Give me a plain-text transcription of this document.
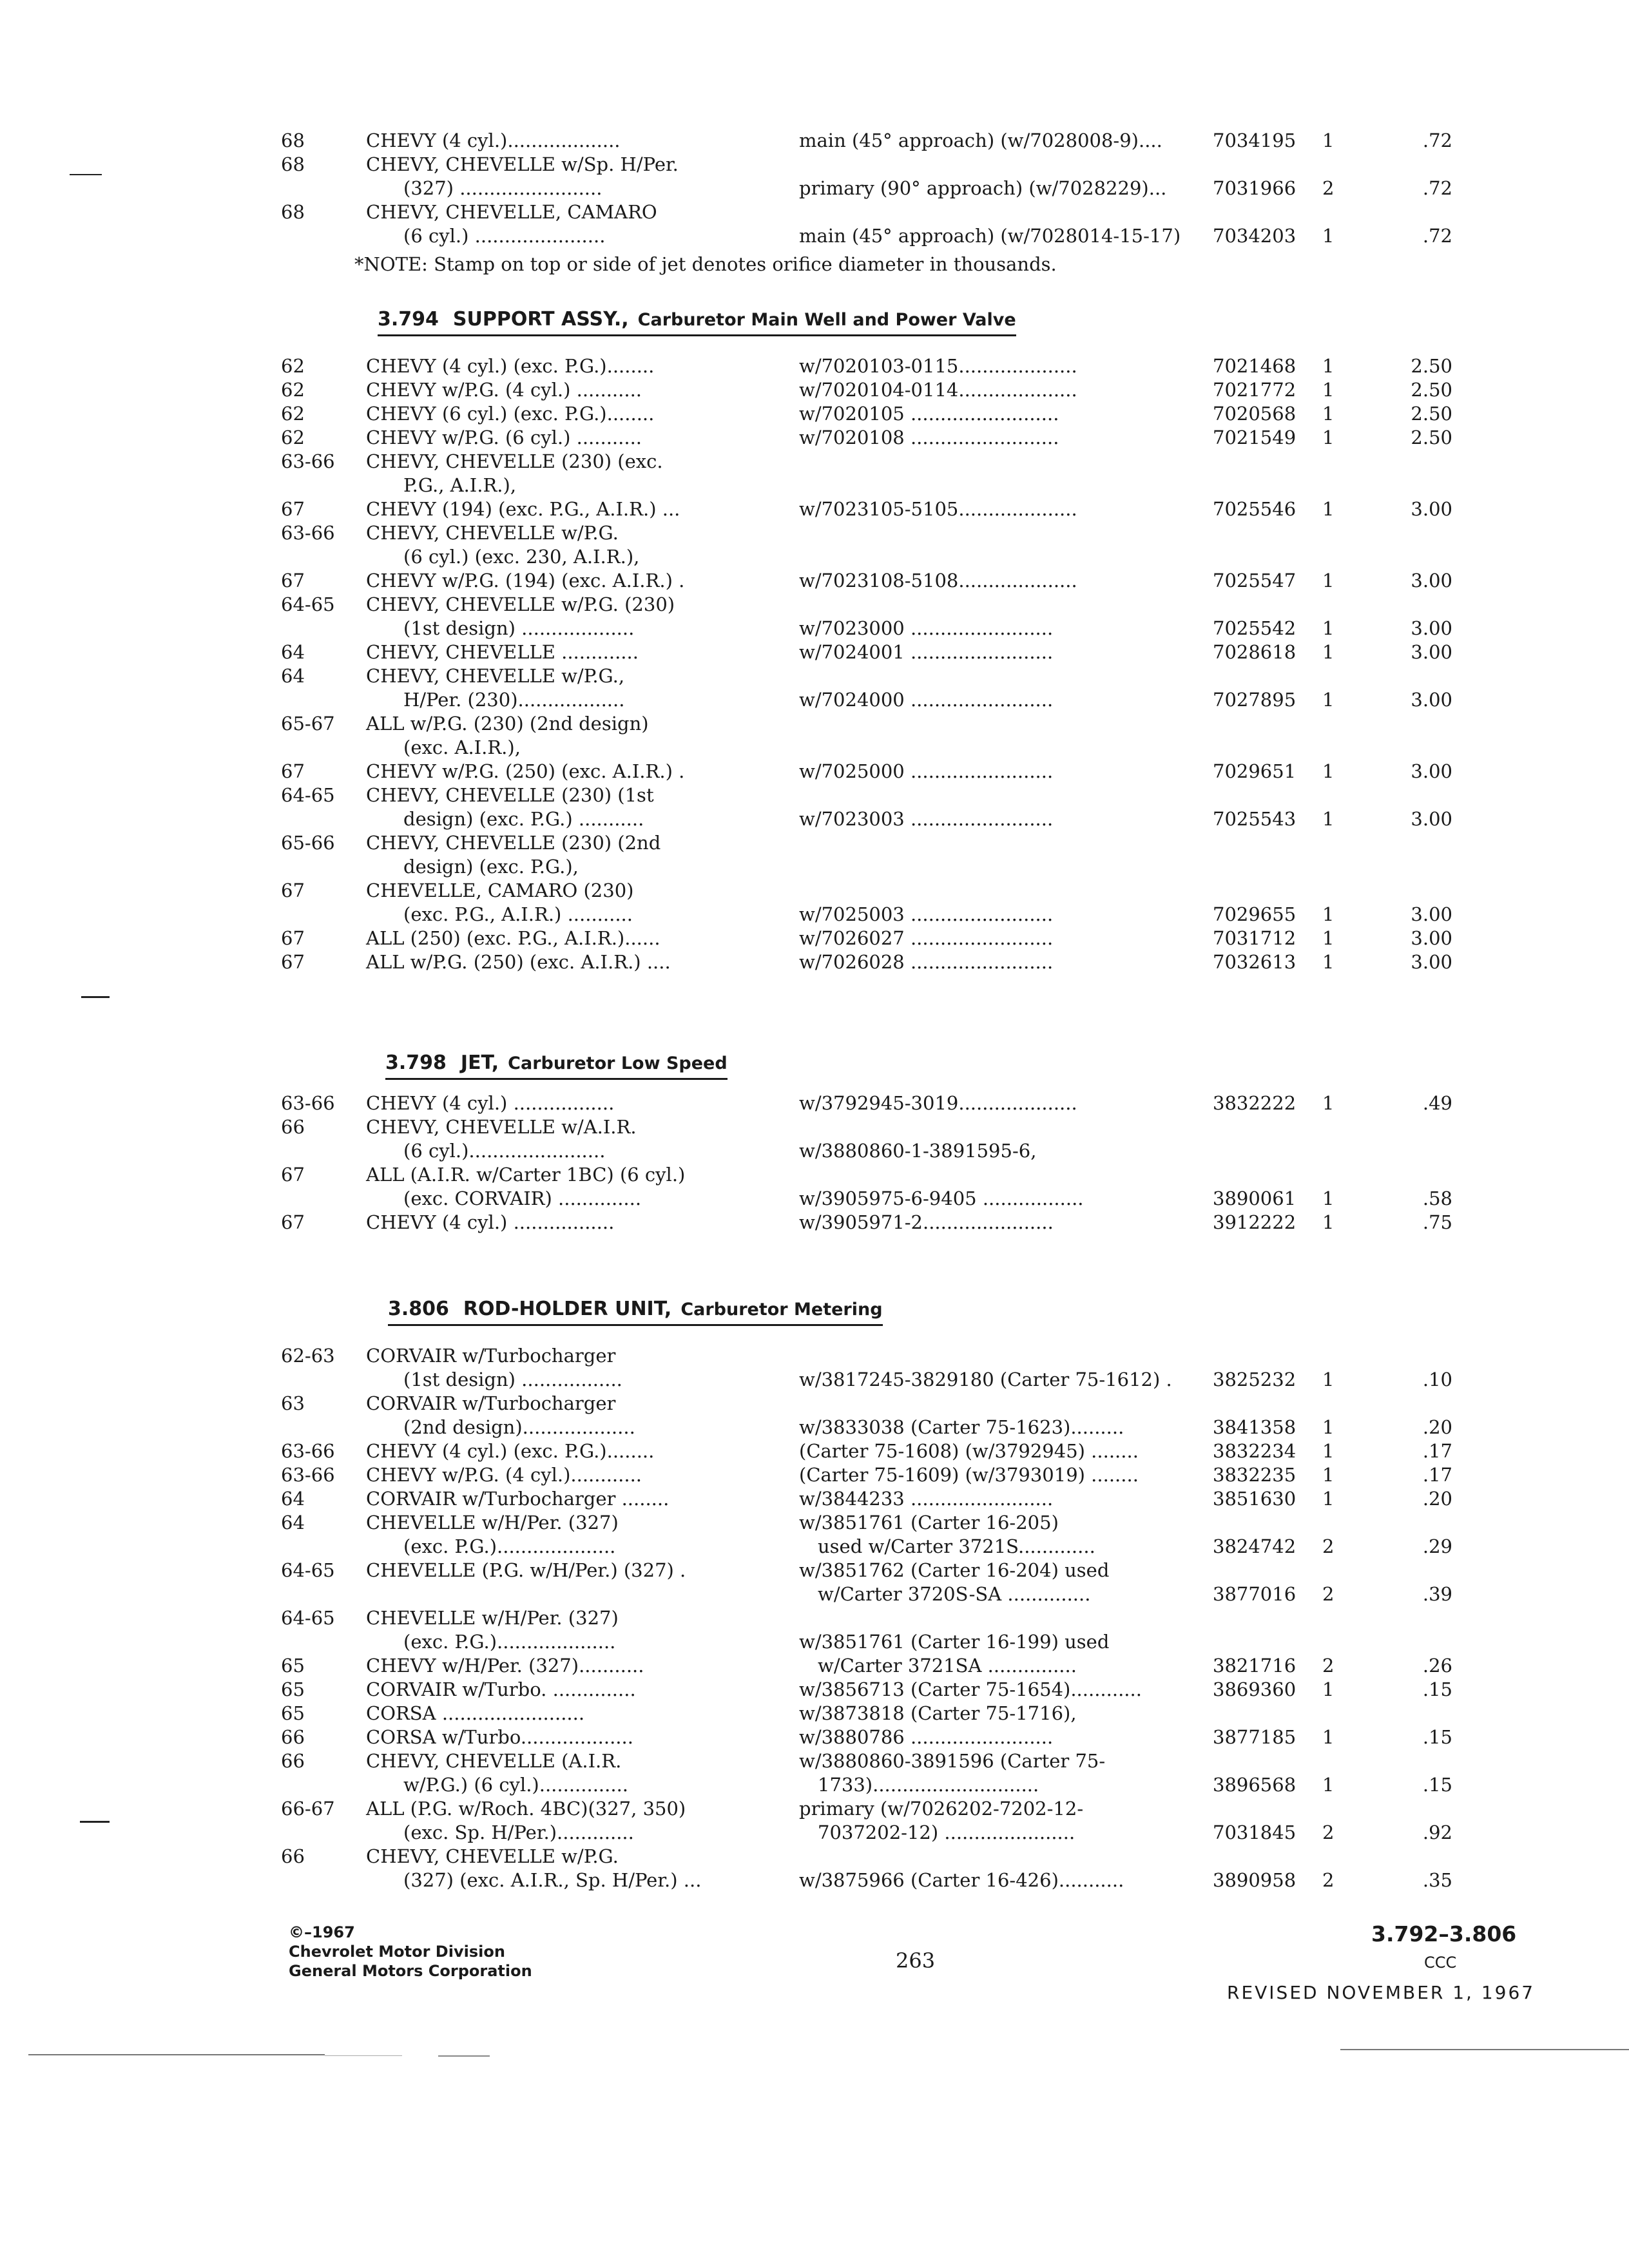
68	CHEVY (4 cyl.)...................	main (45° approach) (w/7028008-9)....	7034195 1	.72
68	CHEVY, CHEVELLE w/Sp. H/Per.
  (327) ........................	primary (90° approach) (w/7028229)... 7031966 2	.72
68	CHEVY, CHEVELLE, CAMARO
  (6 cyl.) ......................	main (45° approach) (w/7028014-15-17) 7034203 1	.72
*NOTE: Stamp on top or side of jet denotes orifice diameter in thousands.
3.794 SUPPORT ASSY., Carburetor Main Well and Power Valve
62	CHEVY (4 cyl.) (exc. P.G.)........	w/7020103-0115....................	7021468 1	2.50
62	CHEVY w/P.G. (4 cyl.) ...........	w/7020104-0114....................	7021772 1	2.50
62	CHEVY (6 cyl.) (exc. P.G.)........	w/7020105 .........................	7020568 1	2.50
62	CHEVY w/P.G. (6 cyl.) ...........	w/7020108 .........................	7021549 1	2.50
63-66 CHEVY, CHEVELLE (230) (exc.
  P.G., A.I.R.),
67	CHEVY (194) (exc. P.G., A.I.R.) ...	w/7023105-5105....................	7025546 1	3.00
63-66 CHEVY, CHEVELLE w/P.G.
  (6 cyl.) (exc. 230, A.I.R.),
67	CHEVY w/P.G. (194) (exc. A.I.R.) .	w/7023108-5108....................	7025547 1	3.00
64-65 CHEVY, CHEVELLE w/P.G. (230)
  (1st design) ...................	w/7023000 ........................	7025542 1	3.00
64	CHEVY, CHEVELLE .............	w/7024001 ........................	7028618 1	3.00
64	CHEVY, CHEVELLE w/P.G.,
  H/Per. (230)..................	w/7024000 ........................	7027895 1	3.00
65-67 ALL w/P.G. (230) (2nd design)
  (exc. A.I.R.),
67	CHEVY w/P.G. (250) (exc. A.I.R.) .	w/7025000 ........................	7029651 1	3.00
64-65 CHEVY, CHEVELLE (230) (1st
  design) (exc. P.G.) ...........	w/7023003 ........................	7025543 1	3.00
65-66 CHEVY, CHEVELLE (230) (2nd
  design) (exc. P.G.),
67	CHEVELLE, CAMARO (230)
  (exc. P.G., A.I.R.) ...........	w/7025003 ........................	7029655 1	3.00
67	ALL (250) (exc. P.G., A.I.R.)......	w/7026027 ........................	7031712 1	3.00
67	ALL w/P.G. (250) (exc. A.I.R.) ....	w/7026028 ........................	7032613 1	3.00
3.798 JET, Carburetor Low Speed
63-66 CHEVY (4 cyl.) .................	w/3792945-3019....................	3832222 1	.49
66	CHEVY, CHEVELLE w/A.I.R.
  (6 cyl.).......................	w/3880860-1-3891595-6,
67	ALL (A.I.R. w/Carter 1BC) (6 cyl.)
  (exc. CORVAIR) ..............	w/3905975-6-9405 .................	3890061 1	.58
67	CHEVY (4 cyl.) .................	w/3905971-2......................	3912222 1	.75
3.806 ROD-HOLDER UNIT, Carburetor Metering
62-63 CORVAIR w/Turbocharger
  (1st design) .................	w/3817245-3829180 (Carter 75-1612) . 3825232 1	.10
63	CORVAIR w/Turbocharger
  (2nd design)...................	w/3833038 (Carter 75-1623).........	3841358 1	.20
63-66 CHEVY (4 cyl.) (exc. P.G.)........	(Carter 75-1608) (w/3792945) ........	3832234 1	.17
63-66 CHEVY w/P.G. (4 cyl.)............	(Carter 75-1609) (w/3793019) ........	3832235 1	.17
64	CORVAIR w/Turbocharger ........	w/3844233 ........................	3851630 1	.20
64	CHEVELLE w/H/Per. (327)	w/3851761 (Carter 16-205)
  (exc. P.G.)....................	 used w/Carter 3721S.............	3824742 2	.29
64-65 CHEVELLE (P.G. w/H/Per.) (327) .	w/3851762 (Carter 16-204) used
 w/Carter 3720S-SA ..............	3877016 2	.39
64-65 CHEVELLE w/H/Per. (327)
  (exc. P.G.)....................	w/3851761 (Carter 16-199) used
65	CHEVY w/H/Per. (327)...........	 w/Carter 3721SA ...............	3821716 2	.26
65	CORVAIR w/Turbo. ..............	w/3856713 (Carter 75-1654)............	3869360 1	.15
65	CORSA ........................	w/3873818 (Carter 75-1716),
66	CORSA w/Turbo...................	w/3880786 ........................	3877185 1	.15
66	CHEVY, CHEVELLE (A.I.R.	w/3880860-3891596 (Carter 75-
  w/P.G.) (6 cyl.)...............	 1733)............................	3896568 1	.15
66-67 ALL (P.G. w/Roch. 4BC)(327, 350)	primary (w/7026202-7202-12-
  (exc. Sp. H/Per.).............	 7037202-12) ......................	7031845 2	.92
66	CHEVY, CHEVELLE w/P.G.
  (327) (exc. A.I.R., Sp. H/Per.) ...	w/3875966 (Carter 16-426)...........	3890958 2	.35
©–1967
Chevrolet Motor Division
General Motors Corporation	263
3.792–3.806
CCC
REVISED NOVEMBER 1, 1967
